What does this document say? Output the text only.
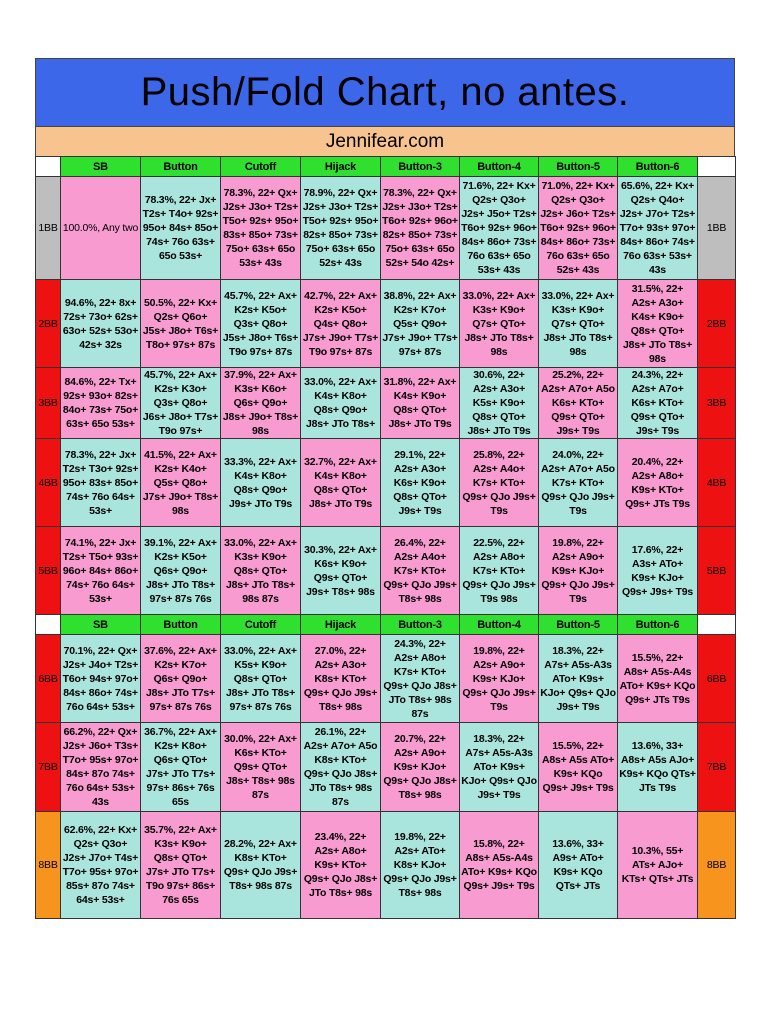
Push/Fold Chart, no antes.
Jennifear.com
	SB	Button	Cutoff	Hijack	Button-3	Button-4	Button-5	Button-6	
1BB	100.0%, Any two	78.3%, 22+ Jx+ T2s+ T4o+ 92s+ 95o+ 84s+ 85o+ 74s+ 76o 63s+ 65o 53s+	78.3%, 22+ Qx+ J2s+ J3o+ T2s+ T5o+ 92s+ 95o+ 83s+ 85o+ 73s+ 75o+ 63s+ 65o 53s+ 43s	78.9%, 22+ Qx+ J2s+ J3o+ T2s+ T5o+ 92s+ 95o+ 82s+ 85o+ 73s+ 75o+ 63s+ 65o 52s+ 43s	78.3%, 22+ Qx+ J2s+ J3o+ T2s+ T6o+ 92s+ 96o+ 82s+ 85o+ 73s+ 75o+ 63s+ 65o 52s+ 54o 42s+	71.6%, 22+ Kx+ Q2s+ Q3o+ J2s+ J5o+ T2s+ T6o+ 92s+ 96o+ 84s+ 86o+ 73s+ 76o 63s+ 65o 53s+ 43s	71.0%, 22+ Kx+ Q2s+ Q3o+ J2s+ J6o+ T2s+ T6o+ 92s+ 96o+ 84s+ 86o+ 73s+ 76o 63s+ 65o 52s+ 43s	65.6%, 22+ Kx+ Q2s+ Q4o+ J2s+ J7o+ T2s+ T7o+ 93s+ 97o+ 84s+ 86o+ 74s+ 76o 63s+ 53s+ 43s	1BB
2BB	94.6%, 22+ 8x+ 72s+ 73o+ 62s+ 63o+ 52s+ 53o+ 42s+ 32s	50.5%, 22+ Kx+ Q2s+ Q6o+ J5s+ J8o+ T6s+ T8o+ 97s+ 87s	45.7%, 22+ Ax+ K2s+ K5o+ Q3s+ Q8o+ J5s+ J8o+ T6s+ T9o 97s+ 87s	42.7%, 22+ Ax+ K2s+ K5o+ Q4s+ Q8o+ J7s+ J9o+ T7s+ T9o 97s+ 87s	38.8%, 22+ Ax+ K2s+ K7o+ Q5s+ Q9o+ J7s+ J9o+ T7s+ 97s+ 87s	33.0%, 22+ Ax+ K3s+ K9o+ Q7s+ QTo+ J8s+ JTo T8s+ 98s	33.0%, 22+ Ax+ K3s+ K9o+ Q7s+ QTo+ J8s+ JTo T8s+ 98s	31.5%, 22+ A2s+ A3o+ K4s+ K9o+ Q8s+ QTo+ J8s+ JTo T8s+ 98s	2BB
3BB	84.6%, 22+ Tx+ 92s+ 93o+ 82s+ 84o+ 73s+ 75o+ 63s+ 65o 53s+	45.7%, 22+ Ax+ K2s+ K3o+ Q3s+ Q8o+ J6s+ J8o+ T7s+ T9o 97s+	37.9%, 22+ Ax+ K3s+ K6o+ Q6s+ Q9o+ J8s+ J9o+ T8s+ 98s	33.0%, 22+ Ax+ K4s+ K8o+ Q8s+ Q9o+ J8s+ JTo T8s+	31.8%, 22+ Ax+ K4s+ K9o+ Q8s+ QTo+ J8s+ JTo T9s	30.6%, 22+ A2s+ A3o+ K5s+ K9o+ Q8s+ QTo+ J8s+ JTo T9s	25.2%, 22+ A2s+ A7o+ A5o K6s+ KTo+ Q9s+ QTo+ J9s+ T9s	24.3%, 22+ A2s+ A7o+ K6s+ KTo+ Q9s+ QTo+ J9s+ T9s	3BB
4BB	78.3%, 22+ Jx+ T2s+ T3o+ 92s+ 95o+ 83s+ 85o+ 74s+ 76o 64s+ 53s+	41.5%, 22+ Ax+ K2s+ K4o+ Q5s+ Q8o+ J7s+ J9o+ T8s+ 98s	33.3%, 22+ Ax+ K4s+ K8o+ Q8s+ Q9o+ J9s+ JTo T9s	32.7%, 22+ Ax+ K4s+ K8o+ Q8s+ QTo+ J8s+ JTo T9s	29.1%, 22+ A2s+ A3o+ K6s+ K9o+ Q8s+ QTo+ J9s+ T9s	25.8%, 22+ A2s+ A4o+ K7s+ KTo+ Q9s+ QJo J9s+ T9s	24.0%, 22+ A2s+ A7o+ A5o K7s+ KTo+ Q9s+ QJo J9s+ T9s	20.4%, 22+ A2s+ A8o+ K9s+ KTo+ Q9s+ JTs T9s	4BB
5BB	74.1%, 22+ Jx+ T2s+ T5o+ 93s+ 96o+ 84s+ 86o+ 74s+ 76o 64s+ 53s+	39.1%, 22+ Ax+ K2s+ K5o+ Q6s+ Q9o+ J8s+ JTo T8s+ 97s+ 87s 76s	33.0%, 22+ Ax+ K3s+ K9o+ Q8s+ QTo+ J8s+ JTo T8s+ 98s 87s	30.3%, 22+ Ax+ K6s+ K9o+ Q9s+ QTo+ J9s+ T8s+ 98s	26.4%, 22+ A2s+ A4o+ K7s+ KTo+ Q9s+ QJo J9s+ T8s+ 98s	22.5%, 22+ A2s+ A8o+ K7s+ KTo+ Q9s+ QJo J9s+ T9s 98s	19.8%, 22+ A2s+ A9o+ K9s+ KJo+ Q9s+ QJo J9s+ T9s	17.6%, 22+ A3s+ ATo+ K9s+ KJo+ Q9s+ J9s+ T9s	5BB
	SB	Button	Cutoff	Hijack	Button-3	Button-4	Button-5	Button-6	
6BB	70.1%, 22+ Qx+ J2s+ J4o+ T2s+ T6o+ 94s+ 97o+ 84s+ 86o+ 74s+ 76o 64s+ 53s+	37.6%, 22+ Ax+ K2s+ K7o+ Q6s+ Q9o+ J8s+ JTo T7s+ 97s+ 87s 76s	33.0%, 22+ Ax+ K5s+ K9o+ Q8s+ QTo+ J8s+ JTo T8s+ 97s+ 87s 76s	27.0%, 22+ A2s+ A3o+ K8s+ KTo+ Q9s+ QJo J9s+ T8s+ 98s	24.3%, 22+ A2s+ A8o+ K7s+ KTo+ Q9s+ QJo J8s+ JTo T8s+ 98s 87s	19.8%, 22+ A2s+ A9o+ K9s+ KJo+ Q9s+ QJo J9s+ T9s	18.3%, 22+ A7s+ A5s-A3s ATo+ K9s+ KJo+ Q9s+ QJo J9s+ T9s	15.5%, 22+ A8s+ A5s-A4s ATo+ K9s+ KQo Q9s+ JTs T9s	6BB
7BB	66.2%, 22+ Qx+ J2s+ J6o+ T3s+ T7o+ 95s+ 97o+ 84s+ 87o 74s+ 76o 64s+ 53s+ 43s	36.7%, 22+ Ax+ K2s+ K8o+ Q6s+ QTo+ J7s+ JTo T7s+ 97s+ 86s+ 76s 65s	30.0%, 22+ Ax+ K6s+ KTo+ Q9s+ QTo+ J8s+ T8s+ 98s 87s	26.1%, 22+ A2s+ A7o+ A5o K8s+ KTo+ Q9s+ QJo J8s+ JTo T8s+ 98s 87s	20.7%, 22+ A2s+ A9o+ K9s+ KJo+ Q9s+ QJo J8s+ T8s+ 98s	18.3%, 22+ A7s+ A5s-A3s ATo+ K9s+ KJo+ Q9s+ QJo J9s+ T9s	15.5%, 22+ A8s+ A5s ATo+ K9s+ KQo Q9s+ J9s+ T9s	13.6%, 33+ A8s+ A5s AJo+ K9s+ KQo QTs+ JTs T9s	7BB
8BB	62.6%, 22+ Kx+ Q2s+ Q3o+ J2s+ J7o+ T4s+ T7o+ 95s+ 97o+ 85s+ 87o 74s+ 64s+ 53s+	35.7%, 22+ Ax+ K3s+ K9o+ Q8s+ QTo+ J7s+ JTo T7s+ T9o 97s+ 86s+ 76s 65s	28.2%, 22+ Ax+ K8s+ KTo+ Q9s+ QJo J9s+ T8s+ 98s 87s	23.4%, 22+ A2s+ A8o+ K9s+ KTo+ Q9s+ QJo J8s+ JTo T8s+ 98s	19.8%, 22+ A2s+ ATo+ K8s+ KJo+ Q9s+ QJo J9s+ T8s+ 98s	15.8%, 22+ A8s+ A5s-A4s ATo+ K9s+ KQo Q9s+ J9s+ T9s	13.6%, 33+ A9s+ ATo+ K9s+ KQo QTs+ JTs	10.3%, 55+ ATs+ AJo+ KTs+ QTs+ JTs	8BB
